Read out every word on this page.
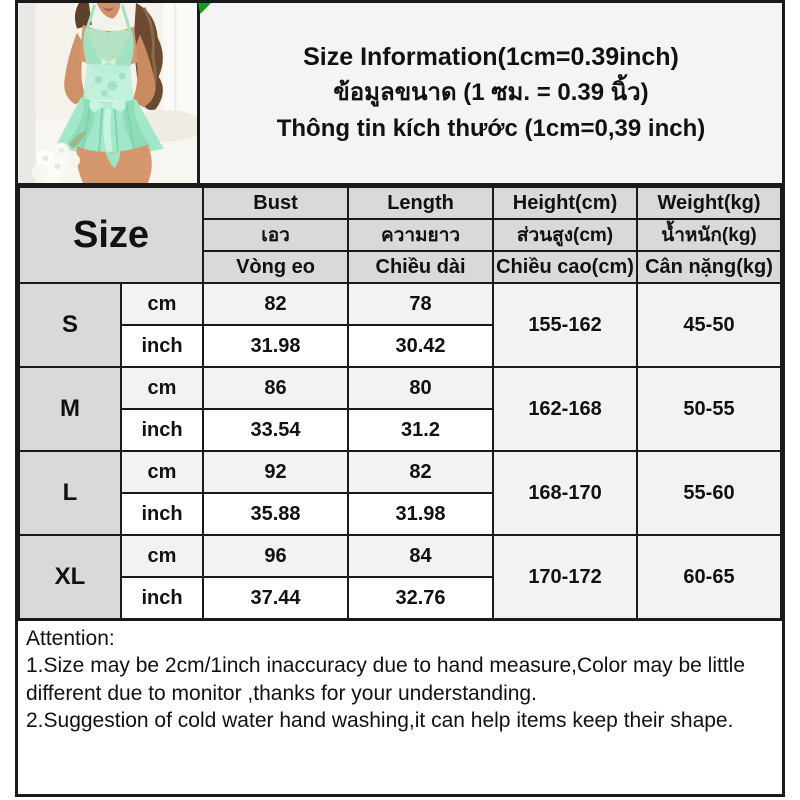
Size Information(1cm=0.39inch)
ข้อมูลขนาด (1 ซม. = 0.39 นิ้ว)
Thông tin kích thước (1cm=0,39 inch)
Size		Bust	Length	Height(cm)	Weight(kg)
		เอว	ความยาว	ส่วนสูง(cm)	น้ำหนัก(kg)
		Vòng eo	Chiều dài	Chiều cao(cm)	Cân nặng(kg)
S	cm	82	78	155-162	45-50
	inch	31.98	30.42		
M	cm	86	80	162-168	50-55
	inch	33.54	31.2		
L	cm	92	82	168-170	55-60
	inch	35.88	31.98		
XL	cm	96	84	170-172	60-65
	inch	37.44	32.76		
Attention:
1.Size may be 2cm/1inch inaccuracy due to hand measure,Color may be little different due to monitor ,thanks for your understanding.
2.Suggestion of cold water hand washing,it can help items keep their shape.
